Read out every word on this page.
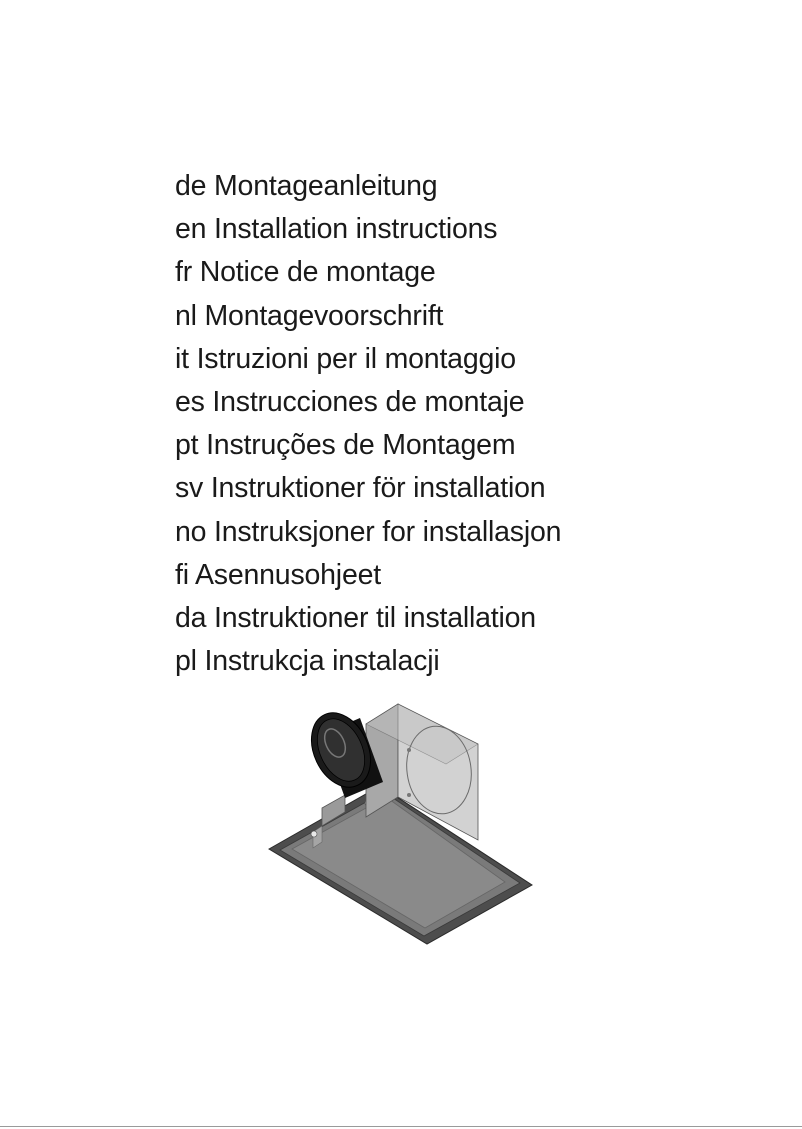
de Montageanleitung
en Installation instructions
fr Notice de montage
nl Montagevoorschrift
it Istruzioni per il montaggio
es Instrucciones de montaje
pt Instruções de Montagem
sv Instruktioner för installation
no Instruksjoner for installasjon
fi Asennusohjeet
da Instruktioner til installation
pl Instrukcja instalacji
